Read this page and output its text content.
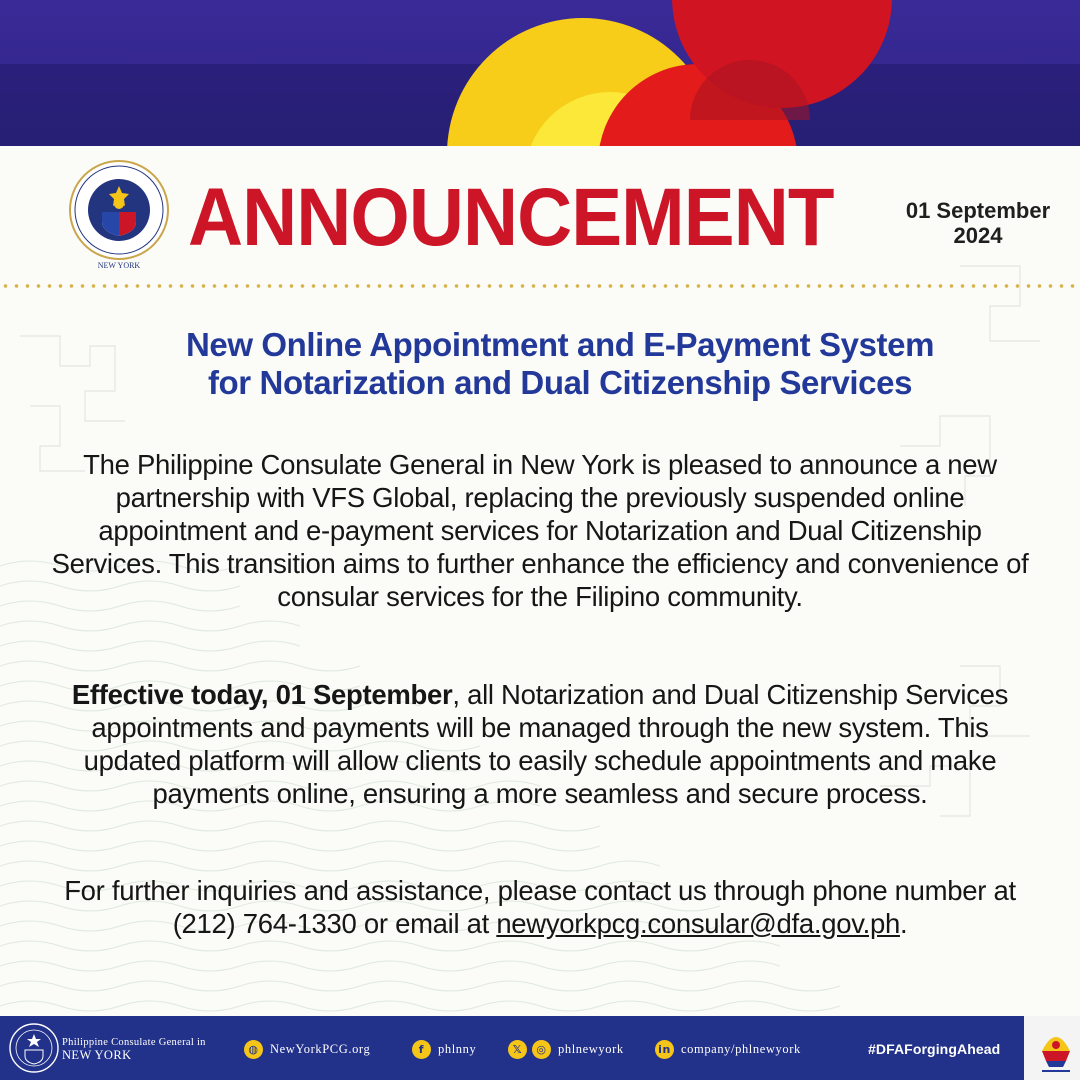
NEW YORK
ANNOUNCEMENT	01 September
2024
New Online Appointment and E-Payment System
for Notarization and Dual Citizenship Services

The Philippine Consulate General in New York is pleased to announce a new partnership with VFS Global, replacing the previously suspended online appointment and e-payment services for Notarization and Dual Citizenship Services. This transition aims to further enhance the efficiency and convenience of consular services for the Filipino community.

Effective today, 01 September, all Notarization and Dual Citizenship Services appointments and payments will be managed through the new system. This updated platform will allow clients to easily schedule appointments and make payments online, ensuring a more seamless and secure process.

For further inquiries and assistance, please contact us through phone number at (212) 764-1330 or email at newyorkpcg.consular@dfa.gov.ph.

Philippine Consulate General in
NEW YORK	◍ NewYorkPCG.org	f	phlnny	𝕏	◎ phlnewyork	in company/phlnewyork	#DFAForgingAhead
